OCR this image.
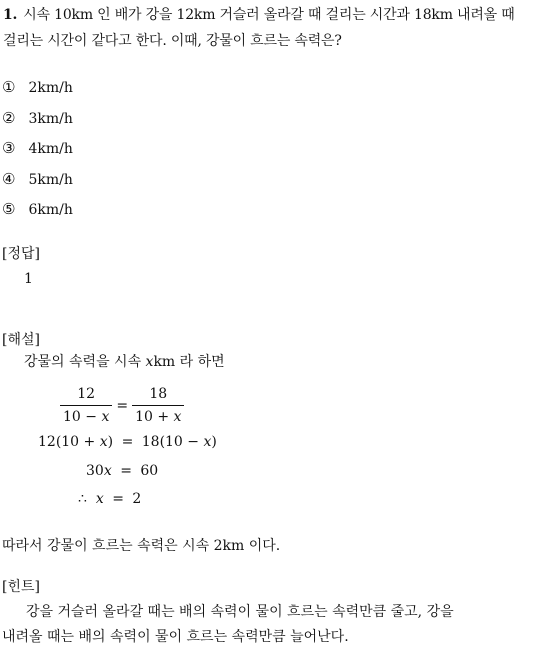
1. 시속 10km 인 배가 강을 12km 거슬러 올라갈 때 걸리는 시간과 18km 내려올 때 걸리는 시간이 같다고 한다. 이때, 강물이 흐르는 속력은?
① 2km/h
② 3km/h
③ 4km/h
④ 5km/h
⑤ 6km/h
[정답]
1
[해설]
강물의 속력을 시속 xkm 라 하면
$\frac{12}{10 - x} = \frac{18}{10 + x}$
12(10 + x) = 18(10 − x)
30x = 60
∴ x = 2
따라서 강물이 흐르는 속력은 시속 2km 이다.
[힌트]
강을 거슬러 올라갈 때는 배의 속력이 물이 흐르는 속력만큼 줄고, 강을
내려올 때는 배의 속력이 물이 흐르는 속력만큼 늘어난다.
